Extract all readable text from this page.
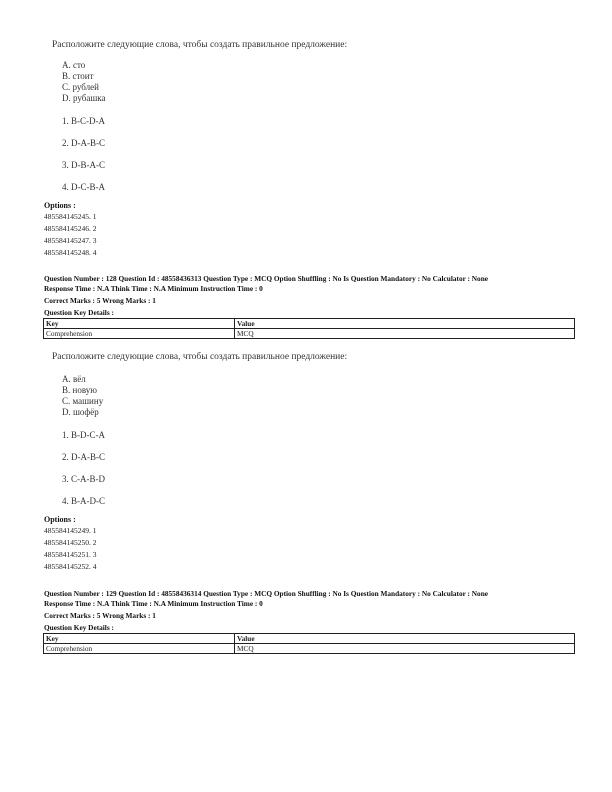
Расположите следующие слова, чтобы создать правильное предложение:
A. сто
B. стоит
C. рублей
D. рубашка
1. B-C-D-A
2. D-A-B-C
3. D-B-A-C
4. D-C-B-A
Options :
485584145245. 1
485584145246. 2
485584145247. 3
485584145248. 4
Question Number : 128 Question Id : 48558436313 Question Type : MCQ Option Shuffling : No Is Question Mandatory : No Calculator : None
Response Time : N.A Think Time : N.A Minimum Instruction Time : 0
Correct Marks : 5 Wrong Marks : 1
Question Key Details :
Key	Value
Comprehension	MCQ
Расположите следующие слова, чтобы создать правильное предложение:
A. вёл
B. новую
C. машину
D. шофёр
1. B-D-C-A
2. D-A-B-C
3. C-A-B-D
4. B-A-D-C
Options :
485584145249. 1
485584145250. 2
485584145251. 3
485584145252. 4
Question Number : 129 Question Id : 48558436314 Question Type : MCQ Option Shuffling : No Is Question Mandatory : No Calculator : None
Response Time : N.A Think Time : N.A Minimum Instruction Time : 0
Correct Marks : 5 Wrong Marks : 1
Question Key Details :
Key	Value
Comprehension	MCQ
